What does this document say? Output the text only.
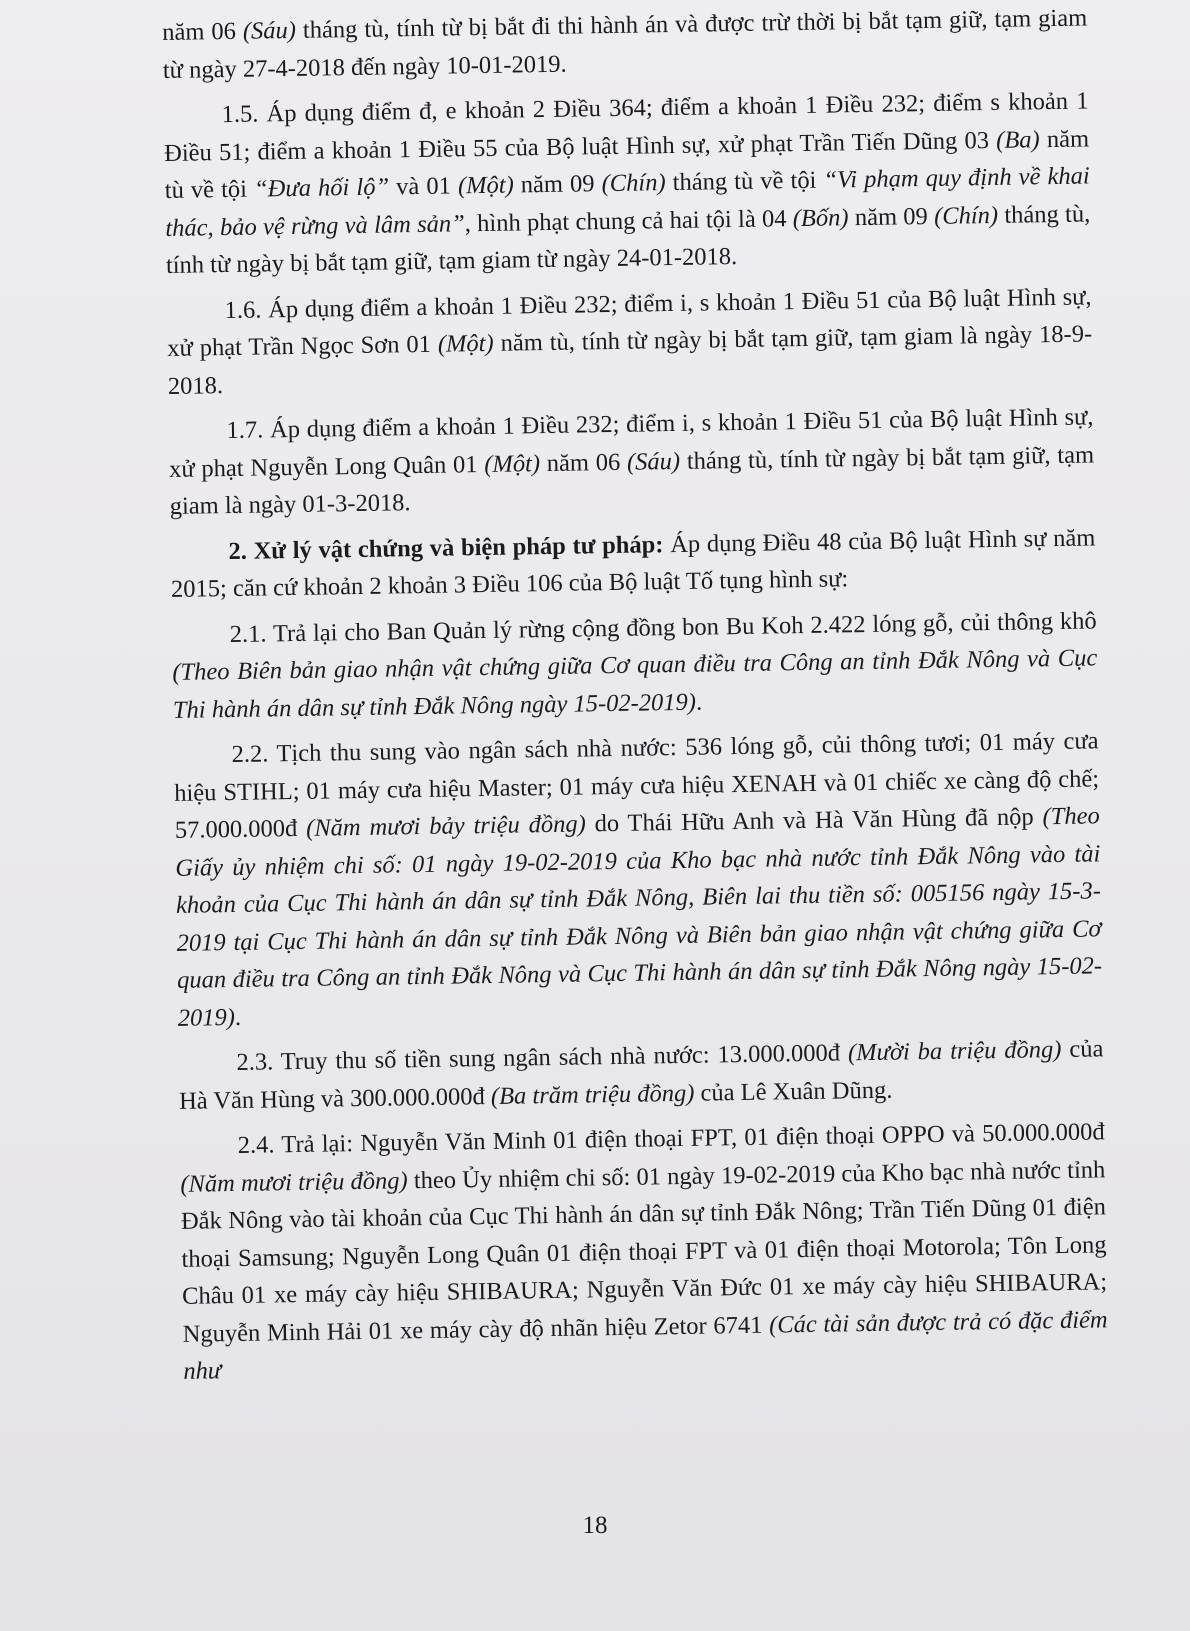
năm 06 (Sáu) tháng tù, tính từ bị bắt đi thi hành án và được trừ thời bị bắt tạm giữ, tạm giam từ ngày 27-4-2018 đến ngày 10-01-2019.

1.5. Áp dụng điểm đ, e khoản 2 Điều 364; điểm a khoản 1 Điều 232; điểm s khoản 1 Điều 51; điểm a khoản 1 Điều 55 của Bộ luật Hình sự, xử phạt Trần Tiến Dũng 03 (Ba) năm tù về tội “Đưa hối lộ” và 01 (Một) năm 09 (Chín) tháng tù về tội “Vi phạm quy định về khai thác, bảo vệ rừng và lâm sản”, hình phạt chung cả hai tội là 04 (Bốn) năm 09 (Chín) tháng tù, tính từ ngày bị bắt tạm giữ, tạm giam từ ngày 24-01-2018.

1.6. Áp dụng điểm a khoản 1 Điều 232; điểm i, s khoản 1 Điều 51 của Bộ luật Hình sự, xử phạt Trần Ngọc Sơn 01 (Một) năm tù, tính từ ngày bị bắt tạm giữ, tạm giam là ngày 18-9-2018.

1.7. Áp dụng điểm a khoản 1 Điều 232; điểm i, s khoản 1 Điều 51 của Bộ luật Hình sự, xử phạt Nguyễn Long Quân 01 (Một) năm 06 (Sáu) tháng tù, tính từ ngày bị bắt tạm giữ, tạm giam là ngày 01-3-2018.

2. Xử lý vật chứng và biện pháp tư pháp: Áp dụng Điều 48 của Bộ luật Hình sự năm 2015; căn cứ khoản 2 khoản 3 Điều 106 của Bộ luật Tố tụng hình sự:

2.1. Trả lại cho Ban Quản lý rừng cộng đồng bon Bu Koh 2.422 lóng gỗ, củi thông khô (Theo Biên bản giao nhận vật chứng giữa Cơ quan điều tra Công an tỉnh Đắk Nông và Cục Thi hành án dân sự tỉnh Đắk Nông ngày 15-02-2019).

2.2. Tịch thu sung vào ngân sách nhà nước: 536 lóng gỗ, củi thông tươi; 01 máy cưa hiệu STIHL; 01 máy cưa hiệu Master; 01 máy cưa hiệu XENAH và 01 chiếc xe càng độ chế; 57.000.000đ (Năm mươi bảy triệu đồng) do Thái Hữu Anh và Hà Văn Hùng đã nộp (Theo Giấy ủy nhiệm chi số: 01 ngày 19-02-2019 của Kho bạc nhà nước tỉnh Đắk Nông vào tài khoản của Cục Thi hành án dân sự tỉnh Đắk Nông, Biên lai thu tiền số: 005156 ngày 15-3-2019 tại Cục Thi hành án dân sự tỉnh Đắk Nông và Biên bản giao nhận vật chứng giữa Cơ quan điều tra Công an tỉnh Đắk Nông và Cục Thi hành án dân sự tỉnh Đắk Nông ngày 15-02-2019).

2.3. Truy thu số tiền sung ngân sách nhà nước: 13.000.000đ (Mười ba triệu đồng) của Hà Văn Hùng và 300.000.000đ (Ba trăm triệu đồng) của Lê Xuân Dũng.

2.4. Trả lại: Nguyễn Văn Minh 01 điện thoại FPT, 01 điện thoại OPPO và 50.000.000đ (Năm mươi triệu đồng) theo Ủy nhiệm chi số: 01 ngày 19-02-2019 của Kho bạc nhà nước tỉnh Đắk Nông vào tài khoản của Cục Thi hành án dân sự tỉnh Đắk Nông; Trần Tiến Dũng 01 điện thoại Samsung; Nguyễn Long Quân 01 điện thoại FPT và 01 điện thoại Motorola; Tôn Long Châu 01 xe máy cày hiệu SHIBAURA; Nguyễn Văn Đức 01 xe máy cày hiệu SHIBAURA; Nguyễn Minh Hải 01 xe máy cày độ nhãn hiệu Zetor 6741 (Các tài sản được trả có đặc điểm như

18
